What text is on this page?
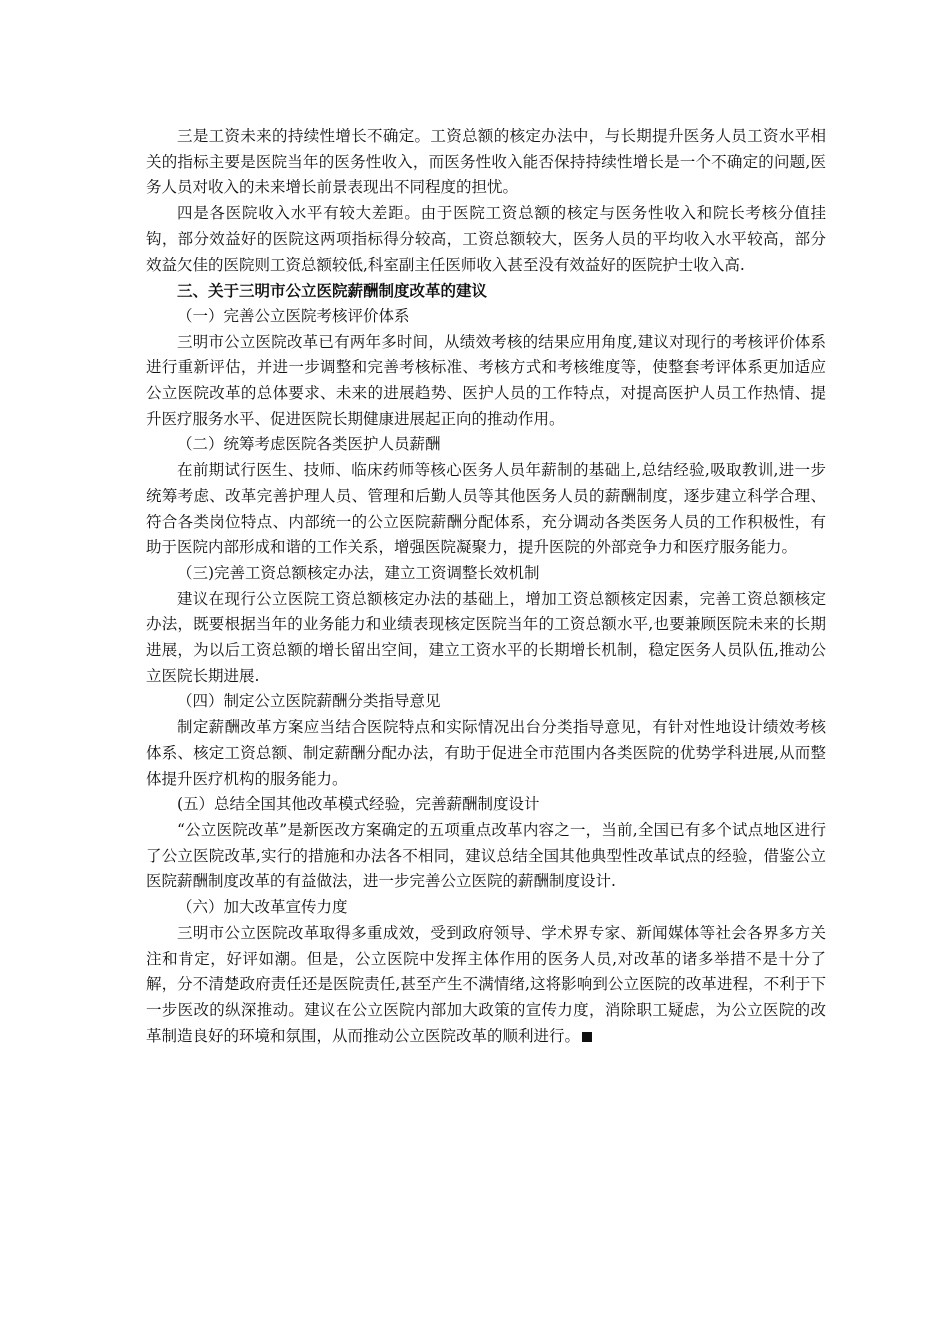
三是工资未来的持续性增长不确定。工资总额的核定办法中，与长期提升医务人员工资水平相关的指标主要是医院当年的医务性收入，而医务性收入能否保持持续性增长是一个不确定的问题,医务人员对收入的未来增长前景表现出不同程度的担忧。

四是各医院收入水平有较大差距。由于医院工资总额的核定与医务性收入和院长考核分值挂钩，部分效益好的医院这两项指标得分较高，工资总额较大，医务人员的平均收入水平较高，部分效益欠佳的医院则工资总额较低,科室副主任医师收入甚至没有效益好的医院护士收入高.

三、关于三明市公立医院薪酬制度改革的建议

（一）完善公立医院考核评价体系

三明市公立医院改革已有两年多时间，从绩效考核的结果应用角度,建议对现行的考核评价体系进行重新评估，并进一步调整和完善考核标准、考核方式和考核维度等，使整套考评体系更加适应公立医院改革的总体要求、未来的进展趋势、医护人员的工作特点，对提高医护人员工作热情、提升医疗服务水平、促进医院长期健康进展起正向的推动作用。

（二）统筹考虑医院各类医护人员薪酬

在前期试行医生、技师、临床药师等核心医务人员年薪制的基础上,总结经验,吸取教训,进一步统筹考虑、改革完善护理人员、管理和后勤人员等其他医务人员的薪酬制度，逐步建立科学合理、符合各类岗位特点、内部统一的公立医院薪酬分配体系，充分调动各类医务人员的工作积极性，有助于医院内部形成和谐的工作关系，增强医院凝聚力，提升医院的外部竞争力和医疗服务能力。

（三)完善工资总额核定办法，建立工资调整长效机制

建议在现行公立医院工资总额核定办法的基础上，增加工资总额核定因素，完善工资总额核定办法，既要根据当年的业务能力和业绩表现核定医院当年的工资总额水平,也要兼顾医院未来的长期进展，为以后工资总额的增长留出空间，建立工资水平的长期增长机制，稳定医务人员队伍,推动公立医院长期进展.

（四）制定公立医院薪酬分类指导意见

制定薪酬改革方案应当结合医院特点和实际情况出台分类指导意见，有针对性地设计绩效考核体系、核定工资总额、制定薪酬分配办法，有助于促进全市范围内各类医院的优势学科进展,从而整体提升医疗机构的服务能力。

(五）总结全国其他改革模式经验，完善薪酬制度设计

“公立医院改革”是新医改方案确定的五项重点改革内容之一，当前,全国已有多个试点地区进行了公立医院改革,实行的措施和办法各不相同，建议总结全国其他典型性改革试点的经验，借鉴公立医院薪酬制度改革的有益做法，进一步完善公立医院的薪酬制度设计.

（六）加大改革宣传力度

三明市公立医院改革取得多重成效，受到政府领导、学术界专家、新闻媒体等社会各界多方关注和肯定，好评如潮。但是，公立医院中发挥主体作用的医务人员,对改革的诸多举措不是十分了解，分不清楚政府责任还是医院责任,甚至产生不满情绪,这将影响到公立医院的改革进程，不利于下一步医改的纵深推动。建议在公立医院内部加大政策的宣传力度，消除职工疑虑，为公立医院的改革制造良好的环境和氛围，从而推动公立医院改革的顺利进行。
